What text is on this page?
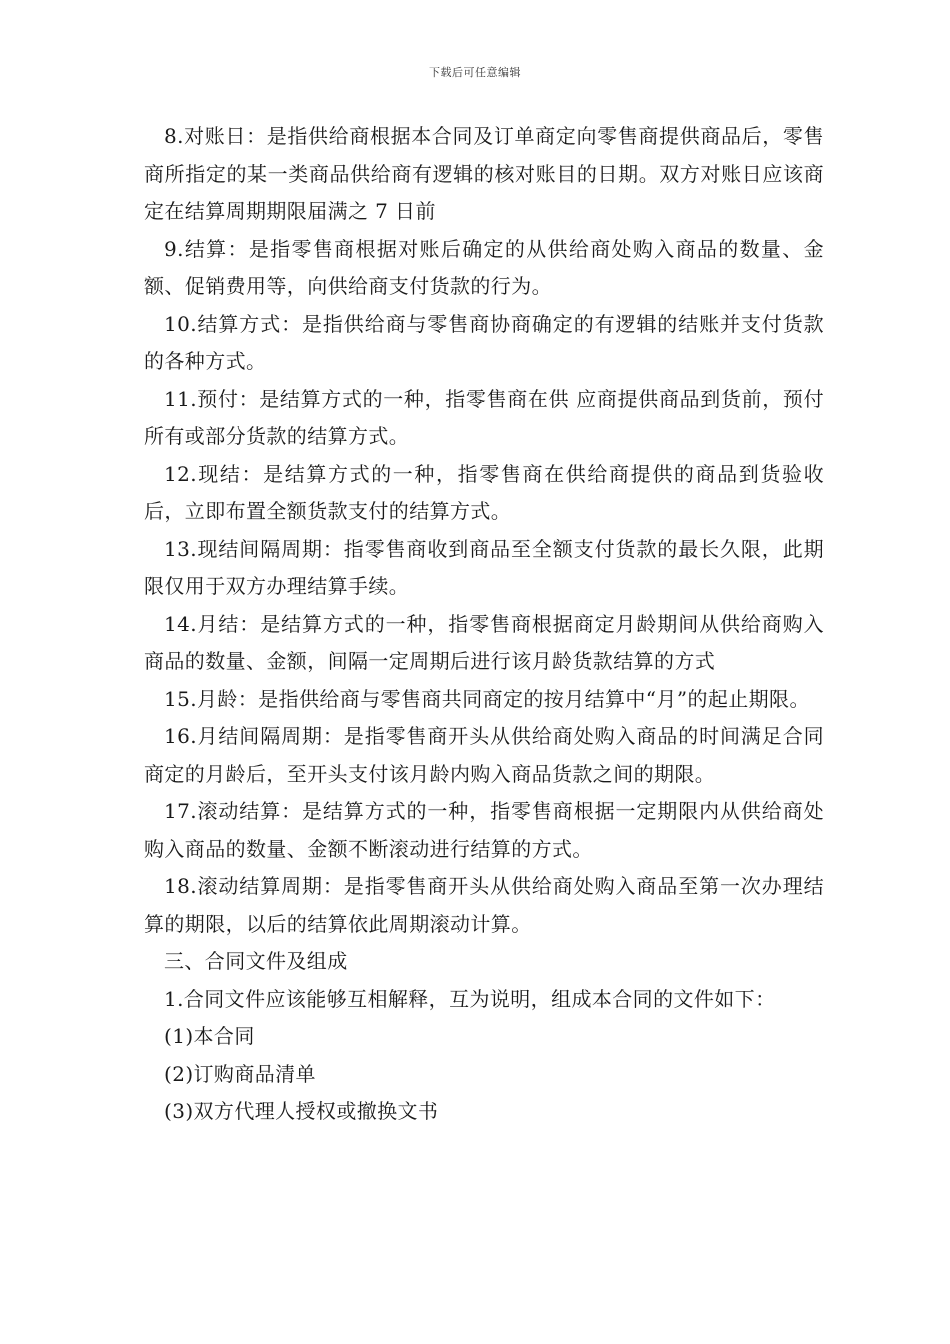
下载后可任意编辑

8.对账日：是指供给商根据本合同及订单商定向零售商提供商品后，零售商所指定的某一类商品供给商有逻辑的核对账目的日期。双方对账日应该商定在结算周期期限届满之 7 日前

9.结算：是指零售商根据对账后确定的从供给商处购入商品的数量、金额、促销费用等，向供给商支付货款的行为。

10.结算方式：是指供给商与零售商协商确定的有逻辑的结账并支付货款的各种方式。

11.预付：是结算方式的一种，指零售商在供 应商提供商品到货前，预付所有或部分货款的结算方式。

12.现结：是结算方式的一种，指零售商在供给商提供的商品到货验收后，立即布置全额货款支付的结算方式。

13.现结间隔周期：指零售商收到商品至全额支付货款的最长久限，此期限仅用于双方办理结算手续。

14.月结：是结算方式的一种，指零售商根据商定月龄期间从供给商购入商品的数量、金额，间隔一定周期后进行该月龄货款结算的方式

15.月龄：是指供给商与零售商共同商定的按月结算中“月”的起止期限。

16.月结间隔周期：是指零售商开头从供给商处购入商品的时间满足合同商定的月龄后，至开头支付该月龄内购入商品货款之间的期限。

17.滚动结算：是结算方式的一种，指零售商根据一定期限内从供给商处购入商品的数量、金额不断滚动进行结算的方式。

18.滚动结算周期：是指零售商开头从供给商处购入商品至第一次办理结算的期限，以后的结算依此周期滚动计算。

三、合同文件及组成

1.合同文件应该能够互相解释，互为说明，组成本合同的文件如下：

(1)本合同

(2)订购商品清单

(3)双方代理人授权或撤换文书
